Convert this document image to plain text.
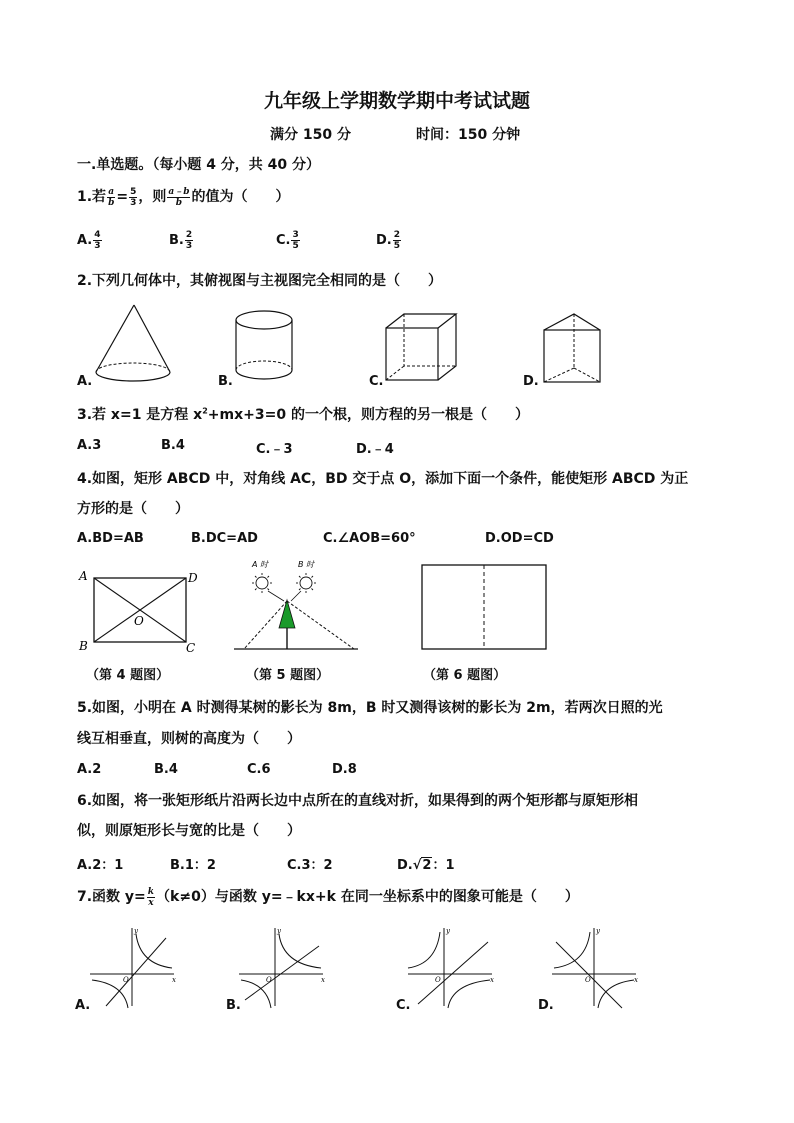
九年级上学期数学期中考试试题
满分 150 分	时间：150 分钟
一.单选题。（每小题 4 分，共 40 分）
1.若 $\frac{a}{b} = \frac{5}{3}$ ，则 $\frac{a﹣b}{b}$ 的值为（　　）
A. $\frac{4}{3}$	B. $\frac{2}{3}$	C. $\frac{3}{5}$	D. $\frac{2}{5}$
2.下列几何体中，其俯视图与主视图完全相同的是（　　）
A.	B.	C.	D.
3.若 x=1 是方程 $x^2+mx+3=0$ 的一个根，则方程的另一根是（　　）
A.3	B.4	C.﹣3	D.﹣4
4.如图，矩形 ABCD 中，对角线 AC，BD 交于点 O，添加下面一个条件，能使矩形 ABCD 为正
方形的是（　　）
A.BD=AB	B.DC=AD	C.∠AOB=60°	D.OD=CD
A	D
B	C
O
（第 4 题图）
A 时	B 时
（第 5 题图）	（第 6 题图）
5.如图，小明在 A 时测得某树的影长为 8m，B 时又测得该树的影长为 2m，若两次日照的光
线互相垂直，则树的高度为（　　）
A.2	B.4	C.6	D.8
6.如图，将一张矩形纸片沿两长边中点所在的直线对折，如果得到的两个矩形都与原矩形相
似，则原矩形长与宽的比是（　　）
A.2：1	B.1：2	C.3：2	D.√2：1
7.函数 $y= \frac{k}{x} (k\ne 0)$与函数 y=﹣kx+k 在同一坐标系中的图象可能是（　　）
x
y
O
A.
x
y
O
B.
x
y
O
C.
x
y
O
D.
